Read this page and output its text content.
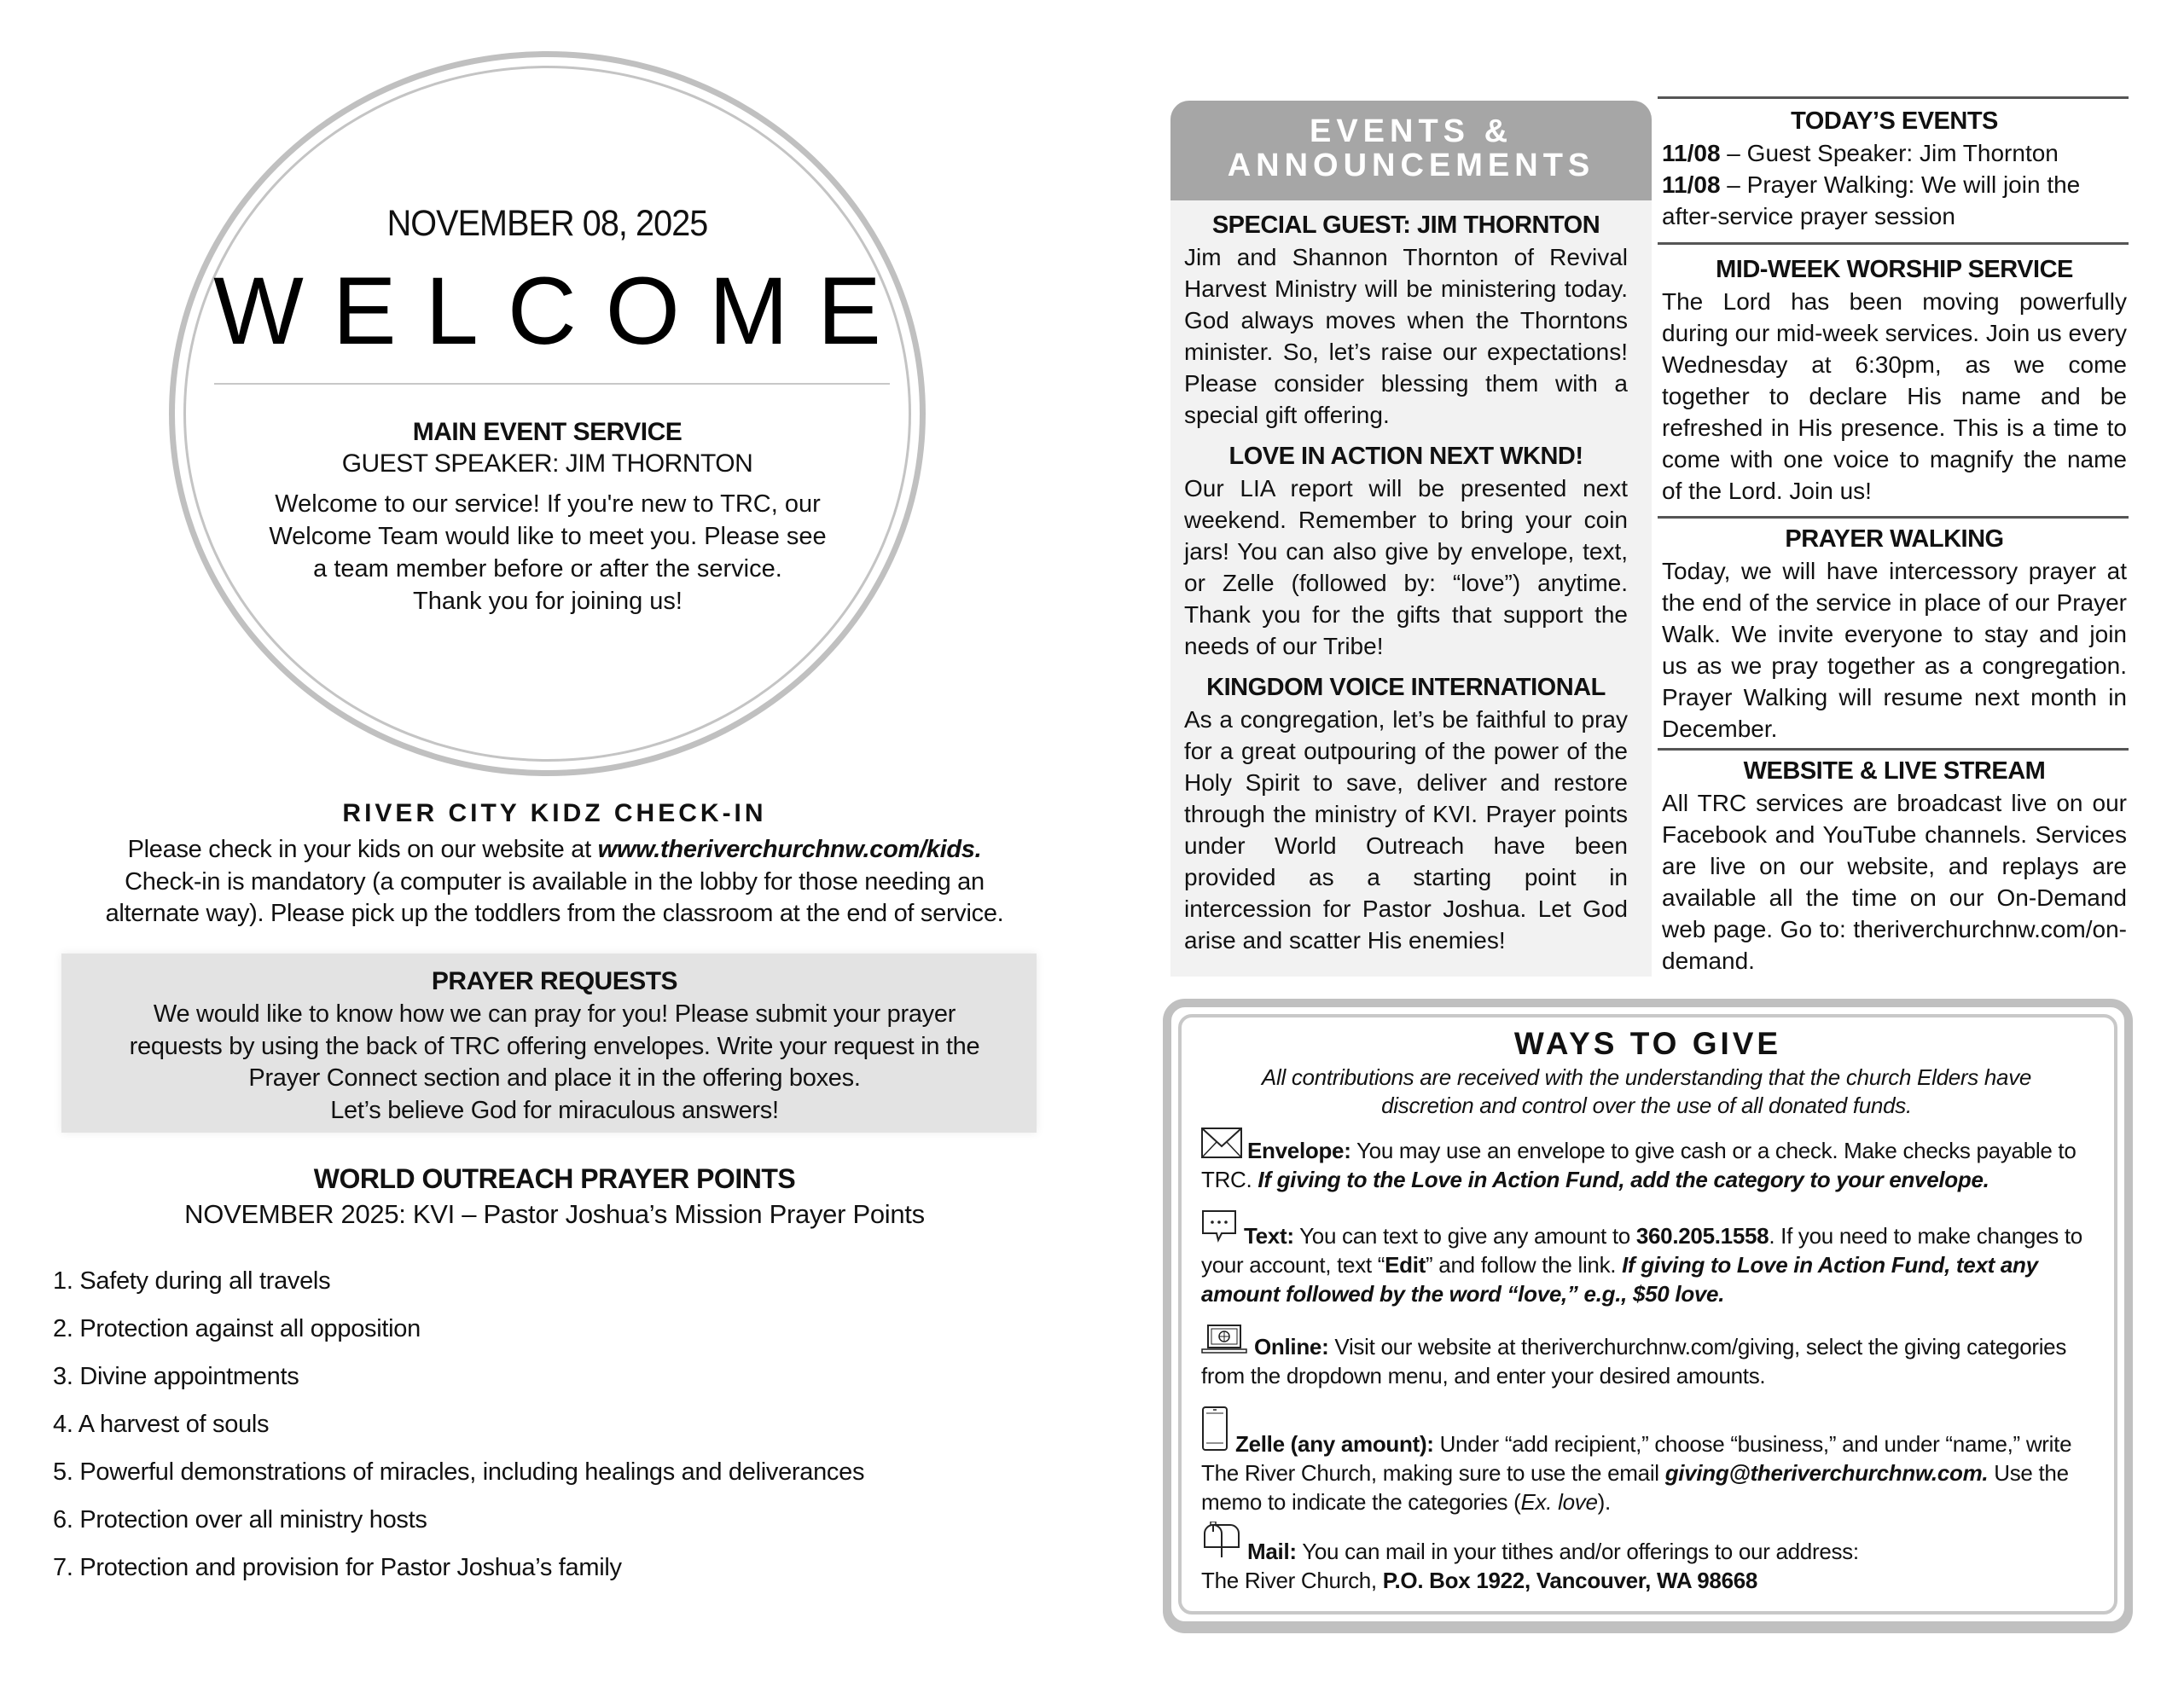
NOVEMBER 08, 2025
WELCOME
MAIN EVENT SERVICE
GUEST SPEAKER: JIM THORNTON
Welcome to our service! If you're new to TRC, our
Welcome Team would like to meet you. Please see
a team member before or after the service.
Thank you for joining us!
RIVER CITY KIDZ CHECK-IN
Please check in your kids on our website at www.theriverchurchnw.com/kids.
Check-in is mandatory (a computer is available in the lobby for those needing an
alternate way). Please pick up the toddlers from the classroom at the end of service.
PRAYER REQUESTS
We would like to know how we can pray for you! Please submit your prayer
requests by using the back of TRC offering envelopes. Write your request in the
Prayer Connect section and place it in the offering boxes.
Let’s believe God for miraculous answers!
WORLD OUTREACH PRAYER POINTS
NOVEMBER 2025: KVI – Pastor Joshua’s Mission Prayer Points
1. Safety during all travels
2. Protection against all opposition
3. Divine appointments
4. A harvest of souls
5. Powerful demonstrations of miracles, including healings and deliverances
6. Protection over all ministry hosts
7. Protection and provision for Pastor Joshua’s family
EVENTS &
ANNOUNCEMENTS
SPECIAL GUEST: JIM THORNTON

Jim and Shannon Thornton of Revival Harvest Ministry will be ministering today. God always moves when the Thorntons minister. So, let’s raise our expectations! Please consider blessing them with a special gift offering.

LOVE IN ACTION NEXT WKND!

Our LIA report will be presented next weekend. Remember to bring your coin jars! You can also give by envelope, text, or Zelle (followed by: “love”) anytime. Thank you for the gifts that support the needs of our Tribe!

KINGDOM VOICE INTERNATIONAL

As a congregation, let’s be faithful to pray for a great outpouring of the power of the Holy Spirit to save, deliver and restore through the ministry of KVI. Prayer points under World Outreach have been provided as a starting point in intercession for Pastor Joshua. Let God arise and scatter His enemies!

TODAY’S EVENTS
11/08 – Guest Speaker: Jim Thornton
11/08 – Prayer Walking: We will join the after-service prayer session
MID-WEEK WORSHIP SERVICE

The Lord has been moving powerfully during our mid-week services. Join us every Wednesday at 6:30pm, as we come together to declare His name and be refreshed in His presence. This is a time to come with one voice to magnify the name of the Lord. Join us!

PRAYER WALKING

Today, we will have intercessory prayer at the end of the service in place of our Prayer Walk. We invite everyone to stay and join us as we pray together as a congregation. Prayer Walking will resume next month in December.

WEBSITE & LIVE STREAM

All TRC services are broadcast live on our Facebook and YouTube channels. Services are live on our website, and replays are available all the time on our On-Demand web page. Go to: theriverchurchnw.com/on-demand.

WAYS TO GIVE
All contributions are received with the understanding that the church Elders have
discretion and control over the use of all donated funds.
Envelope: You may use an envelope to give cash or a check. Make checks payable to TRC. If giving to the Love in Action Fund, add the category to your envelope.
Text: You can text to give any amount to 360.205.1558. If you need to make changes to your account, text “Edit” and follow the link. If giving to Love in Action Fund, text any amount followed by the word “love,” e.g., $50 love.
Online: Visit our website at theriverchurchnw.com/giving, select the giving categories from the dropdown menu, and enter your desired amounts.
Zelle (any amount): Under “add recipient,” choose “business,” and under “name,” write The River Church, making sure to use the email giving@theriverchurchnw.com. Use the memo to indicate the categories (Ex. love).
Mail: You can mail in your tithes and/or offerings to our address:
The River Church, P.O. Box 1922, Vancouver, WA 98668
